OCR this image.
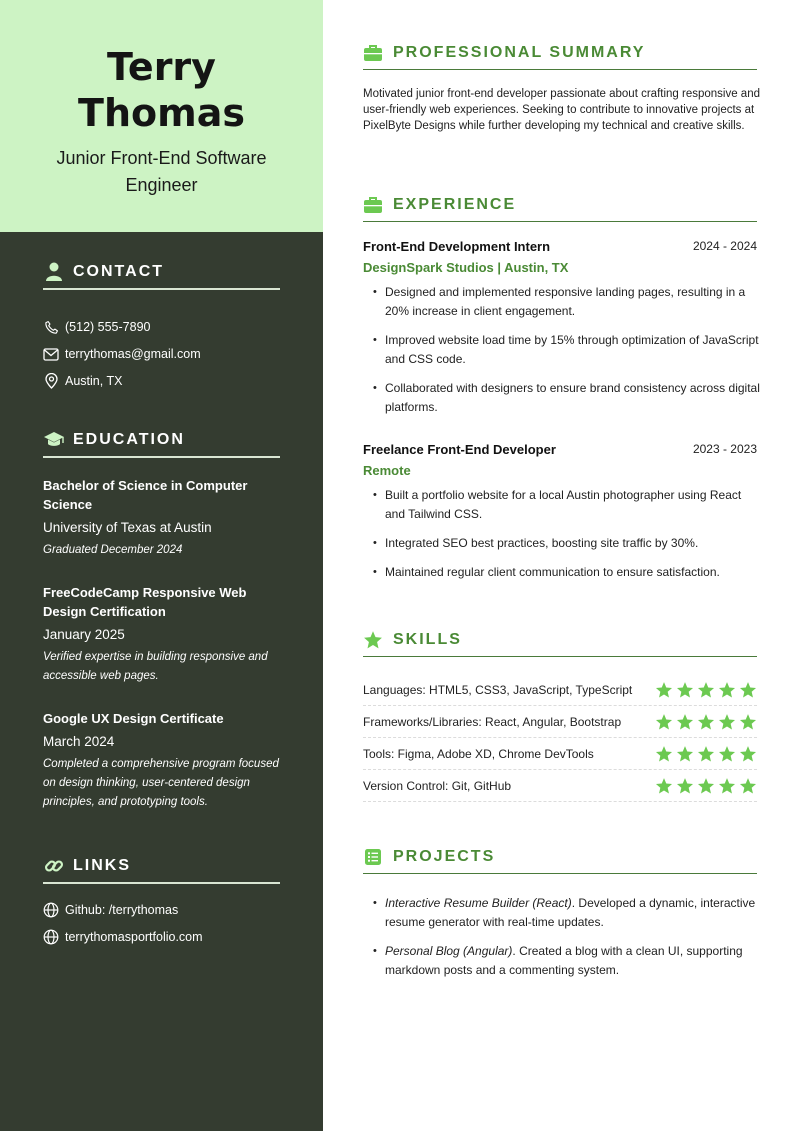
Terry
Thomas
Junior Front-End Software Engineer
CONTACT
(512) 555-7890
terrythomas@gmail.com
Austin, TX
EDUCATION
Bachelor of Science in Computer Science
University of Texas at Austin
Graduated December 2024
FreeCodeCamp Responsive Web Design Certification
January 2025
Verified expertise in building responsive and accessible web pages.
Google UX Design Certificate
March 2024
Completed a comprehensive program focused on design thinking, user-centered design principles, and prototyping tools.
LINKS
Github: /terrythomas
terrythomasportfolio.com
PROFESSIONAL SUMMARY
Motivated junior front-end developer passionate about crafting responsive and user-friendly web experiences. Seeking to contribute to innovative projects at PixelByte Designs while further developing my technical and creative skills.
EXPERIENCE
Front-End Development Intern	2024 - 2024
DesignSpark Studios | Austin, TX
• Designed and implemented responsive landing pages, resulting in a 20% increase in client engagement.
• Improved website load time by 15% through optimization of JavaScript and CSS code.
• Collaborated with designers to ensure brand consistency across digital platforms.
Freelance Front-End Developer	2023 - 2023
Remote
• Built a portfolio website for a local Austin photographer using React and Tailwind CSS.
• Integrated SEO best practices, boosting site traffic by 30%.
• Maintained regular client communication to ensure satisfaction.
SKILLS
Languages: HTML5, CSS3, JavaScript, TypeScript
Frameworks/Libraries: React, Angular, Bootstrap
Tools: Figma, Adobe XD, Chrome DevTools
Version Control: Git, GitHub
PROJECTS
• Interactive Resume Builder (React). Developed a dynamic, interactive resume generator with real-time updates.
• Personal Blog (Angular). Created a blog with a clean UI, supporting markdown posts and a commenting system.
